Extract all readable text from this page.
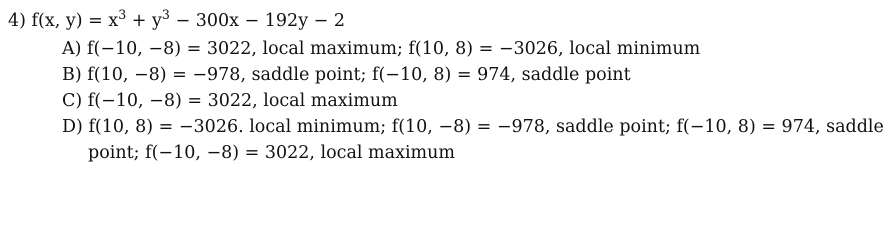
4) f(x, $y) = x^3 + y^3 - 300x - 192y - 2$
A) f(−10, −8) = 3022, local maximum; f(10, 8) = −3026, local minimum
B) f(10, −8) = −978, saddle point; f(−10, 8) = 974, saddle point
C) f(−10, −8) = 3022, local maximum
D) f(10, 8) = −3026. local minimum; f(10, −8) = −978, saddle point; f(−10, 8) = 974, saddle
point; f(−10, −8) = 3022, local maximum
